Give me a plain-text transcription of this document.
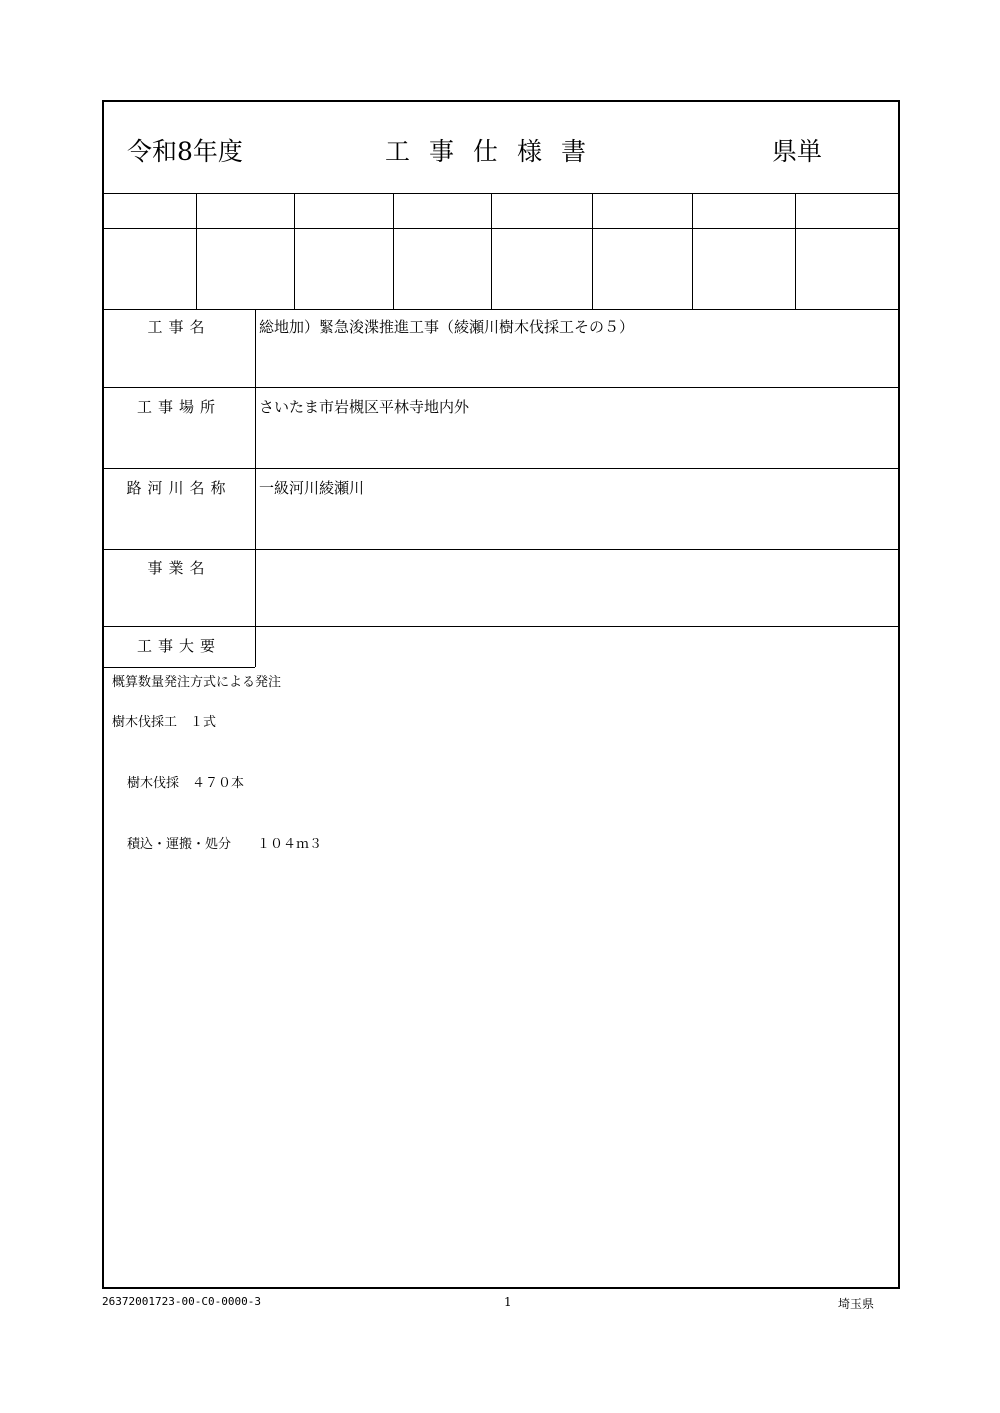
令和8年度	工事仕様書	県単
工事名	総地加）緊急浚渫推進工事（綾瀬川樹木伐採工その５）
工事場所	さいたま市岩槻区平林寺地内外
路河川名称	一級河川綾瀬川
事業名
工事大要
概算数量発注方式による発注
樹木伐採工　１式
樹木伐採　４７０本
積込・運搬・処分　　１０４ｍ３
26372001723-00-C0-0000-3	1	埼玉県
